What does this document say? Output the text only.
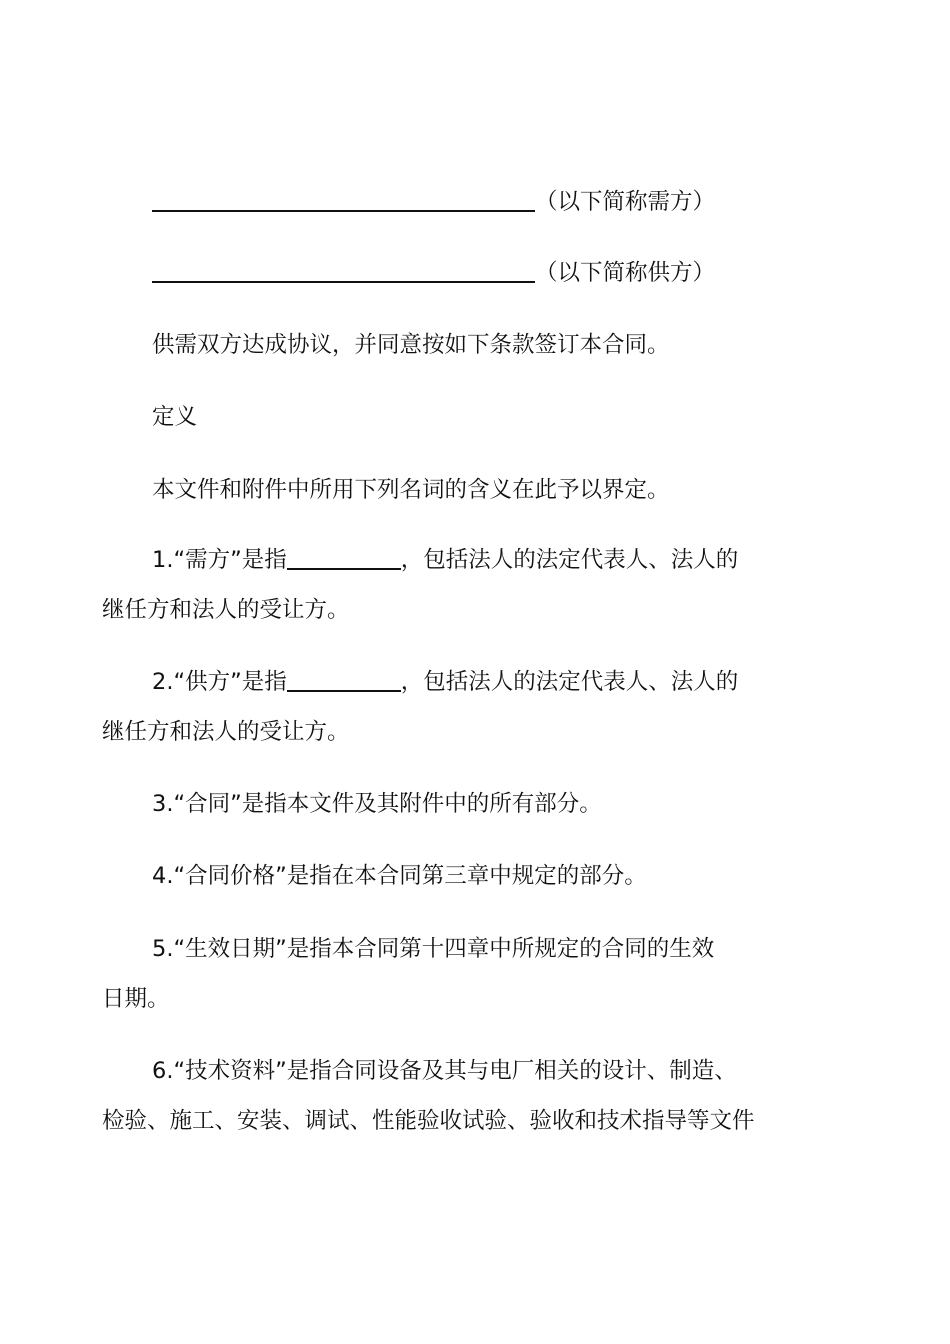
（以下简称需方）
（以下简称供方）
供需双方达成协议，并同意按如下条款签订本合同。
定义
本文件和附件中所用下列名词的含义在此予以界定。
1.“需方”是指	，包括法人的法定代表人、法人的
继任方和法人的受让方。
2.“供方”是指	，包括法人的法定代表人、法人的
继任方和法人的受让方。
3.“合同”是指本文件及其附件中的所有部分。
4.“合同价格”是指在本合同第三章中规定的部分。
5.“生效日期”是指本合同第十四章中所规定的合同的生效
日期。
6.“技术资料”是指合同设备及其与电厂相关的设计、制造、
检验、施工、安装、调试、性能验收试验、验收和技术指导等文件
